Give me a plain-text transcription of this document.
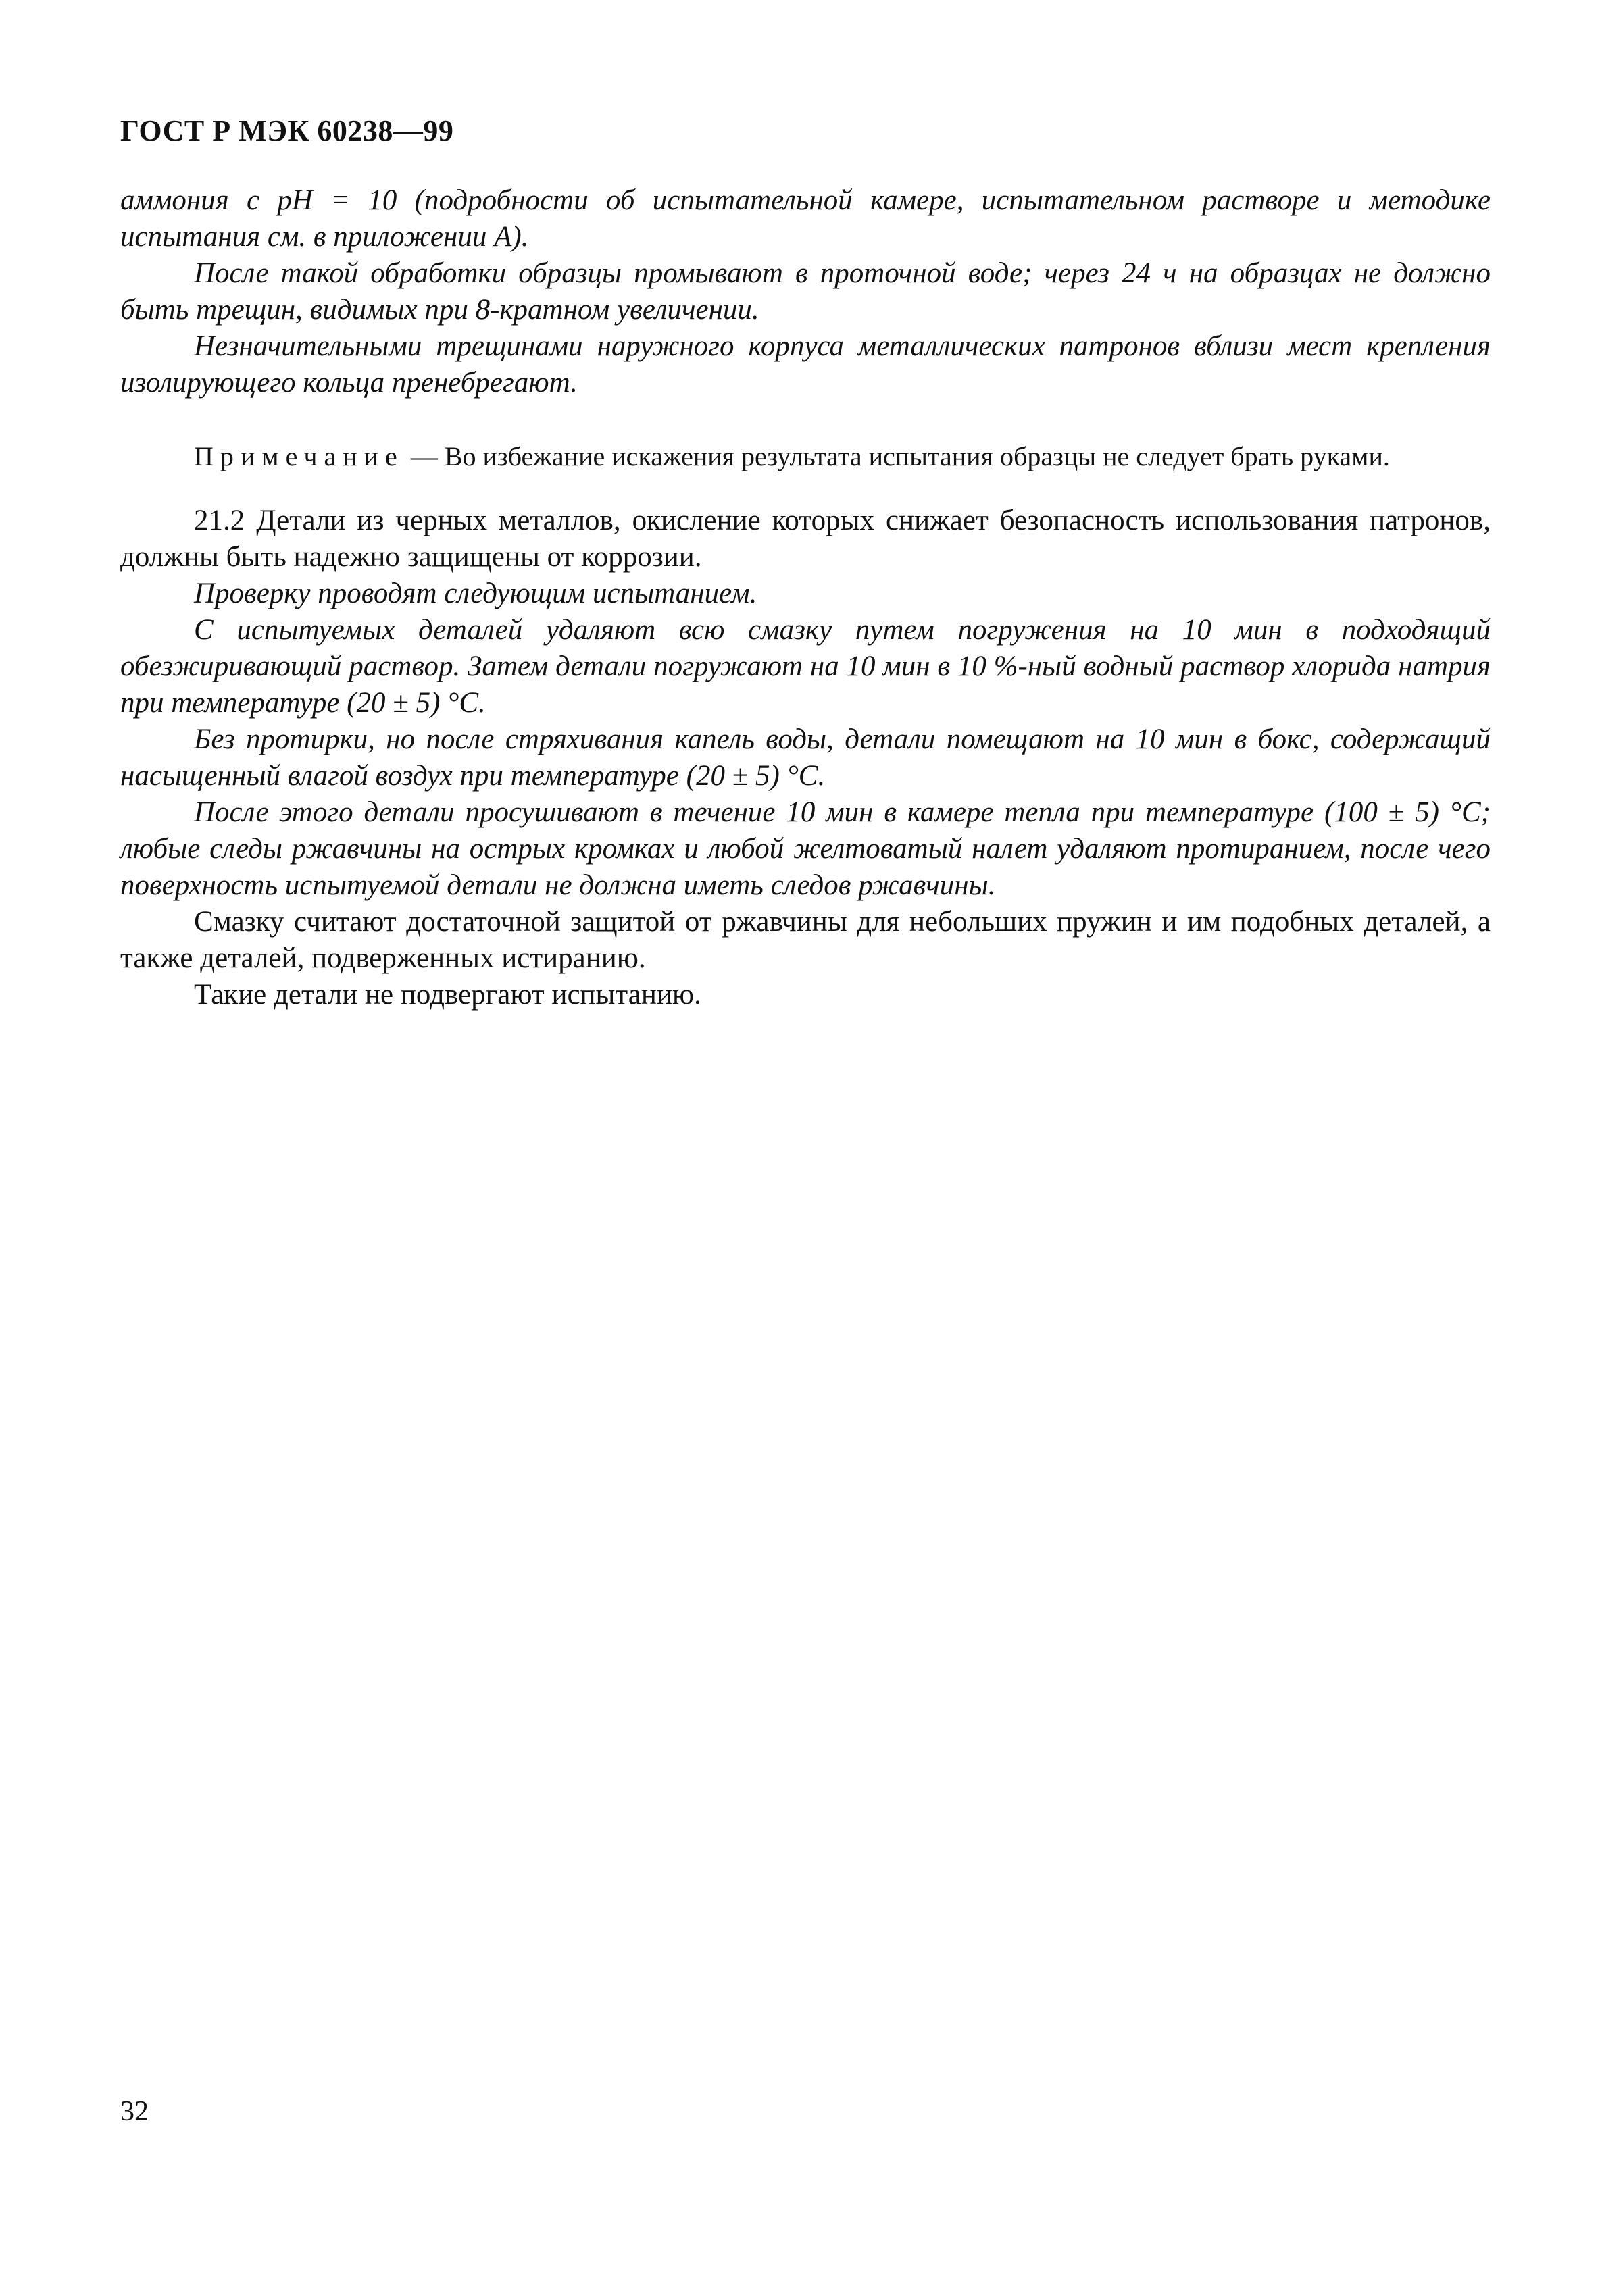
ГОСТ Р МЭК 60238—99

аммония с pH = 10 (подробности об испытательной камере, испытательном растворе и методике испытания см. в приложении А).

После такой обработки образцы промывают в проточной воде; через 24 ч на образцах не должно быть трещин, видимых при 8-кратном увеличении.

Незначительными трещинами наружного корпуса металлических патронов вблизи мест крепления изолирующего кольца пренебрегают.

Примечание — Во избежание искажения результата испытания образцы не следует брать руками.

21.2 Детали из черных металлов, окисление которых снижает безопасность использования патронов, должны быть надежно защищены от коррозии.

Проверку проводят следующим испытанием.

С испытуемых деталей удаляют всю смазку путем погружения на 10 мин в подходящий обезжиривающий раствор. Затем детали погружают на 10 мин в 10 %-ный водный раствор хлорида натрия при температуре (20 ± 5) °С.

Без протирки, но после стряхивания капель воды, детали помещают на 10 мин в бокс, содержащий насыщенный влагой воздух при температуре (20 ± 5) °С.

После этого детали просушивают в течение 10 мин в камере тепла при температуре (100 ± 5) °С; любые следы ржавчины на острых кромках и любой желтоватый налет удаляют протиранием, после чего поверхность испытуемой детали не должна иметь следов ржавчины.

Смазку считают достаточной защитой от ржавчины для небольших пружин и им подобных деталей, а также деталей, подверженных истиранию.

Такие детали не подвергают испытанию.

32
